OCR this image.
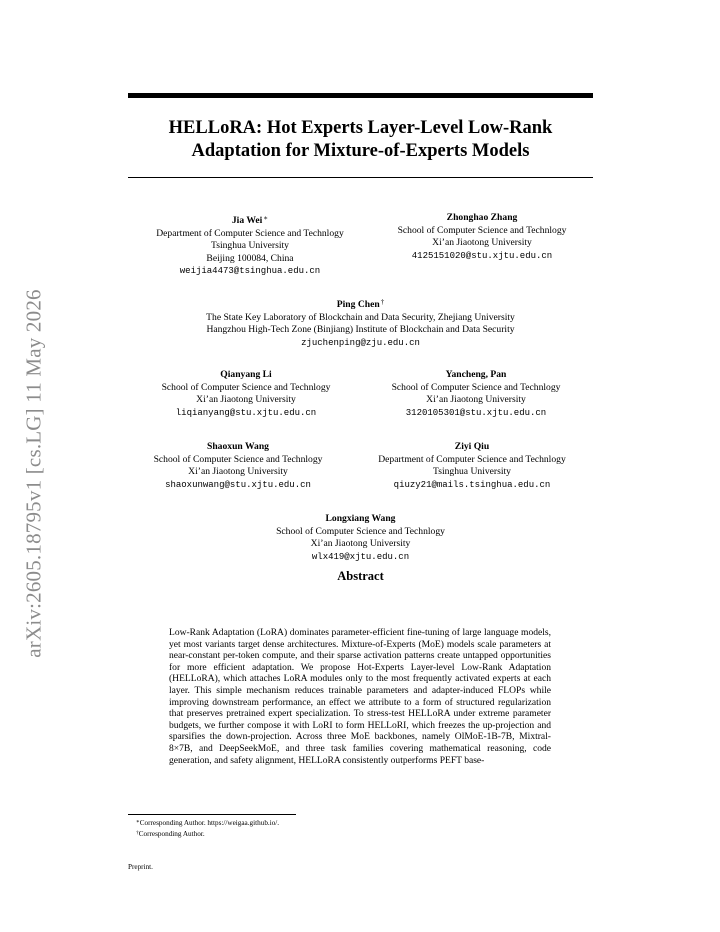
arXiv:2605.18795v1 [cs.LG] 11 May 2026
HELLoRA: Hot Experts Layer-Level Low-Rank
Adaptation for Mixture-of-Experts Models
Jia Wei∗
Department of Computer Science and Technlogy
Tsinghua University
Beijing 100084, China
weijia4473@tsinghua.edu.cn
Zhonghao Zhang
School of Computer Science and Technlogy
Xi’an Jiaotong University
4125151020@stu.xjtu.edu.cn
Ping Chen†
The State Key Laboratory of Blockchain and Data Security, Zhejiang University
Hangzhou High-Tech Zone (Binjiang) Institute of Blockchain and Data Security
zjuchenping@zju.edu.cn
Qianyang Li
School of Computer Science and Technlogy
Xi’an Jiaotong University
liqianyang@stu.xjtu.edu.cn
Yancheng, Pan
School of Computer Science and Technlogy
Xi’an Jiaotong University
3120105301@stu.xjtu.edu.cn
Shaoxun Wang
School of Computer Science and Technlogy
Xi’an Jiaotong University
shaoxunwang@stu.xjtu.edu.cn
Ziyi Qiu
Department of Computer Science and Technlogy
Tsinghua University
qiuzy21@mails.tsinghua.edu.cn
Longxiang Wang
School of Computer Science and Technlogy
Xi’an Jiaotong University
wlx419@xjtu.edu.cn
Abstract
Low-Rank Adaptation (LoRA) dominates parameter-efficient fine-tuning of large language models, yet most variants target dense architectures. Mixture-of-Experts (MoE) models scale parameters at near-constant per-token compute, and their sparse activation patterns create untapped opportunities for more efficient adaptation. We propose Hot-Experts Layer-level Low-Rank Adaptation (HELLoRA), which attaches LoRA modules only to the most frequently activated experts at each layer. This simple mechanism reduces trainable parameters and adapter-induced FLOPs while improving downstream performance, an effect we attribute to a form of structured regularization that preserves pretrained expert specialization. To stress-test HELLoRA under extreme parameter budgets, we further compose it with LoRI to form HELLoRI, which freezes the up-projection and sparsifies the down-projection. Across three MoE backbones, namely OlMoE-1B-7B, Mixtral-8×7B, and DeepSeekMoE, and three task families covering mathematical reasoning, code generation, and safety alignment, HELLoRA consistently outperforms PEFT base-
∗Corresponding Author. https://weigaa.github.io/.
†Corresponding Author.
Preprint.
